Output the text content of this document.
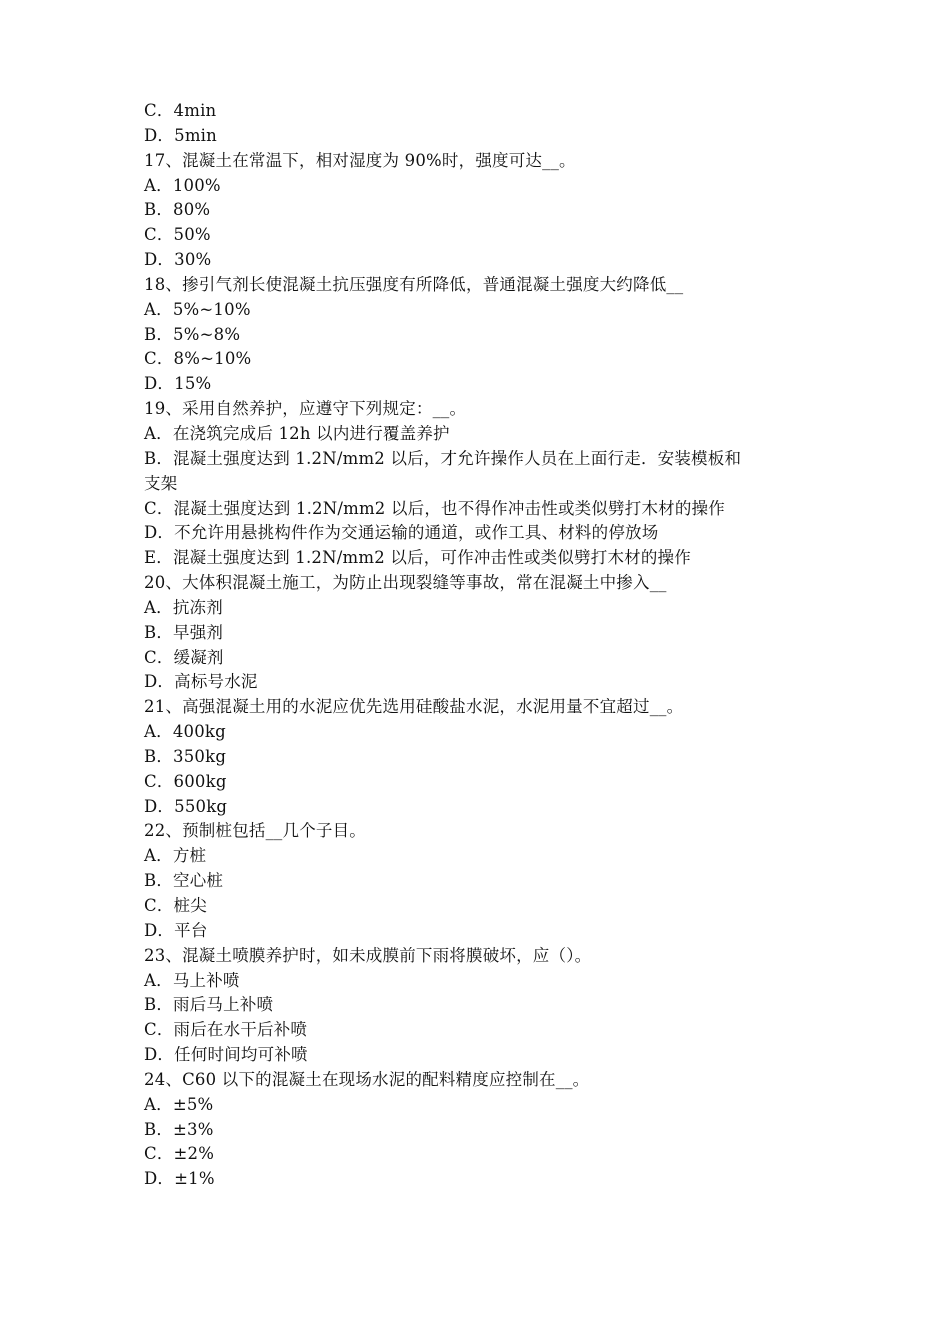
C．4min
D．5min
17、混凝土在常温下，相对湿度为 90%时，强度可达__。
A．100%
B．80%
C．50%
D．30%
18、掺引气剂长使混凝土抗压强度有所降低，普通混凝土强度大约降低__
A．5%~10%
B．5%~8%
C．8%~10%
D．15%
19、采用自然养护，应遵守下列规定：__。
A．在浇筑完成后 12h 以内进行覆盖养护
B．混凝土强度达到 1.2N/mm2 以后，才允许操作人员在上面行走．安装模板和
支架
C．混凝土强度达到 1.2N/mm2 以后，也不得作冲击性或类似劈打木材的操作
D．不允许用悬挑构件作为交通运输的通道，或作工具、材料的停放场
E．混凝土强度达到 1.2N/mm2 以后，可作冲击性或类似劈打木材的操作
20、大体积混凝土施工，为防止出现裂缝等事故，常在混凝土中掺入__
A．抗冻剂
B．早强剂
C．缓凝剂
D．高标号水泥
21、高强混凝土用的水泥应优先选用硅酸盐水泥，水泥用量不宜超过__。
A．400kg
B．350kg
C．600kg
D．550kg
22、预制桩包括__几个子目。
A．方桩
B．空心桩
C．桩尖
D．平台
23、混凝土喷膜养护时，如未成膜前下雨将膜破坏，应（）。
A．马上补喷
B．雨后马上补喷
C．雨后在水干后补喷
D．任何时间均可补喷
24、C60 以下的混凝土在现场水泥的配料精度应控制在__。
A．±5%
B．±3%
C．±2%
D．±1%
